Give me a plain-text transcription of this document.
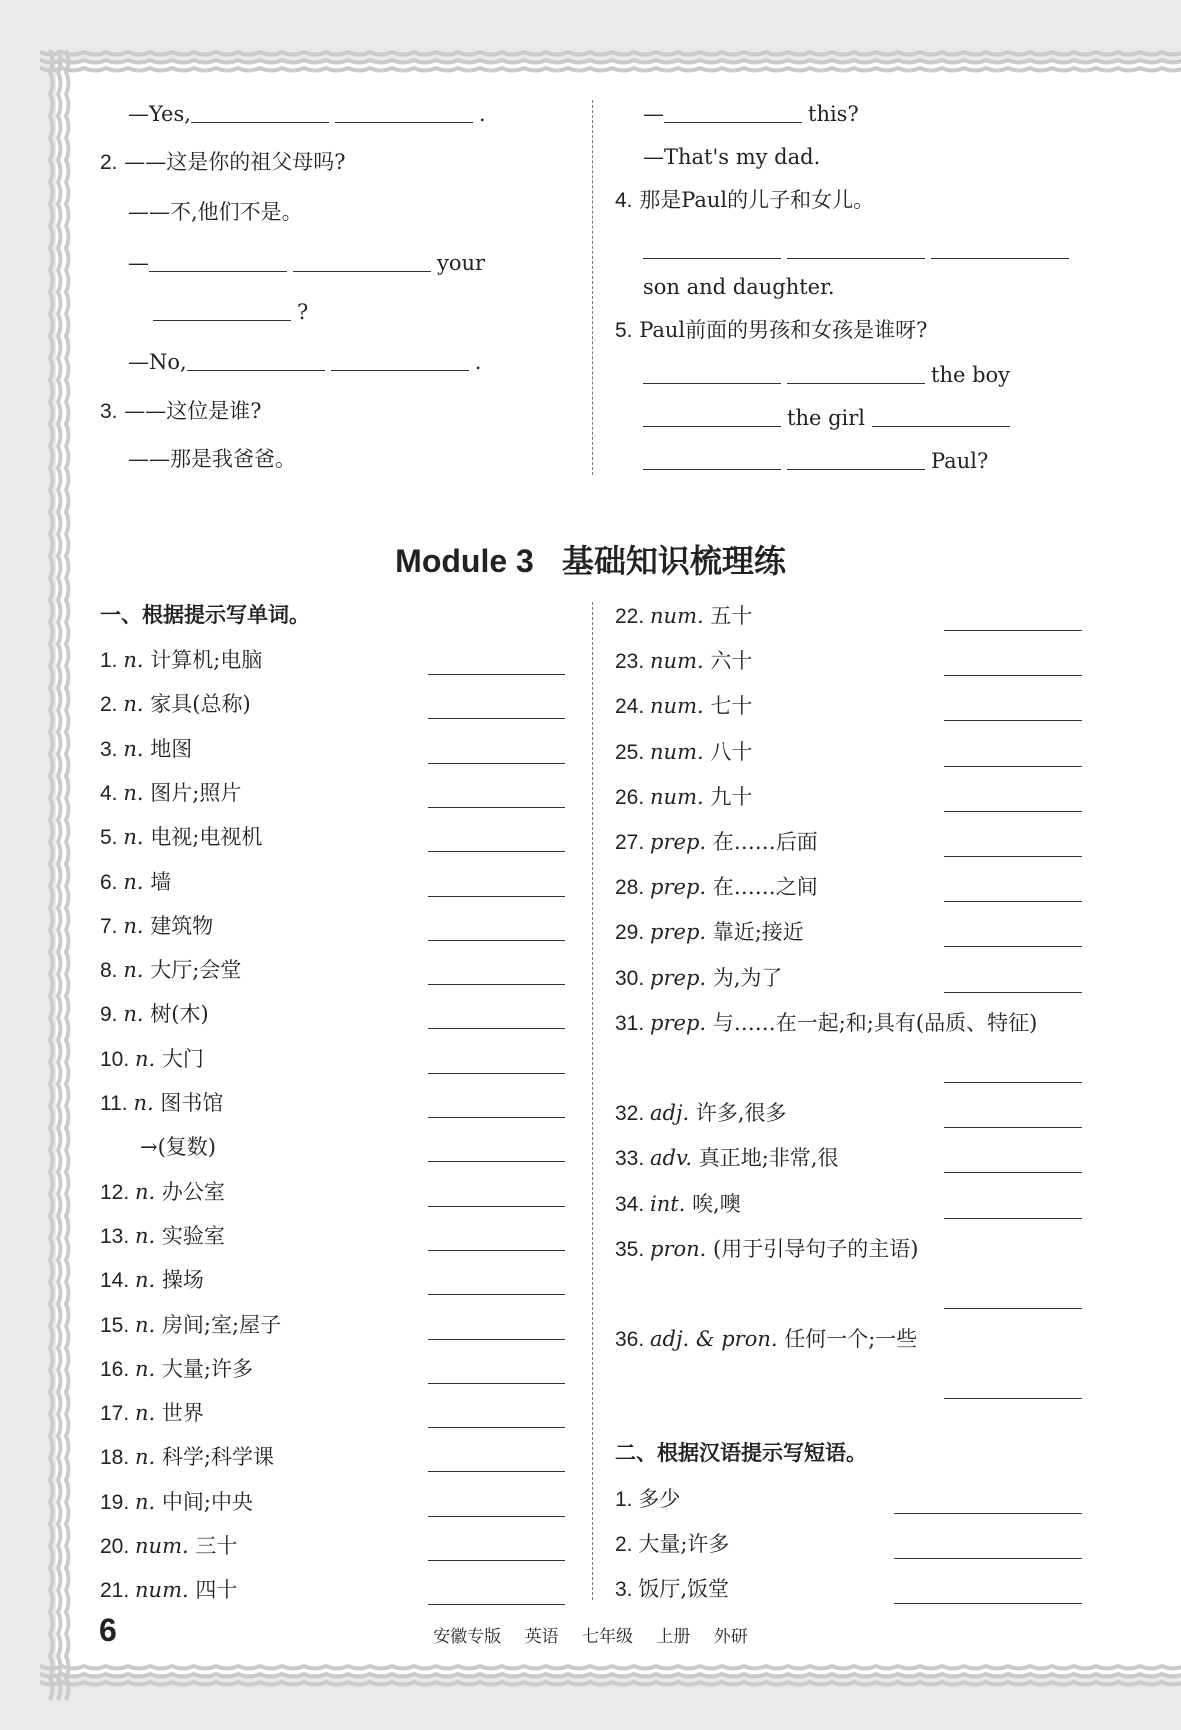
—Yes,	.
2. ——这是你的祖父母吗?
——不,他们不是。
—	your
?
—No,	.
3. ——这位是谁?
——那是我爸爸。
—	this?
—That's my dad.
4. 那是Paul的儿子和女儿。
son and daughter.
5. Paul前面的男孩和女孩是谁呀?
the boy
the girl
Paul?
Module 3 基础知识梳理练
一、根据提示写单词。
二、根据汉语提示写短语。
6	安徽专版 英语 七年级 上册 外研
1. n. 计算机;电脑
2. n. 家具(总称)
3. n. 地图
4. n. 图片;照片
5. n. 电视;电视机
6. n. 墙
7. n. 建筑物
8. n. 大厅;会堂
9. n. 树(木)
10. n. 大门
11. n. 图书馆
→(复数)
12. n. 办公室
13. n. 实验室
14. n. 操场
15. n. 房间;室;屋子
16. n. 大量;许多
17. n. 世界
18. n. 科学;科学课
19. n. 中间;中央
20. num. 三十
21. num. 四十
22. num. 五十
23. num. 六十
24. num. 七十
25. num. 八十
26. num. 九十
27. prep. 在……后面
28. prep. 在……之间
29. prep. 靠近;接近
30. prep. 为,为了
31. prep. 与……在一起;和;具有(品质、特征)
32. adj. 许多,很多
33. adv. 真正地;非常,很
34. int. 唉,噢
35. pron. (用于引导句子的主语)
36. adj. & pron. 任何一个;一些
1. 多少
2. 大量;许多
3. 饭厅,饭堂
